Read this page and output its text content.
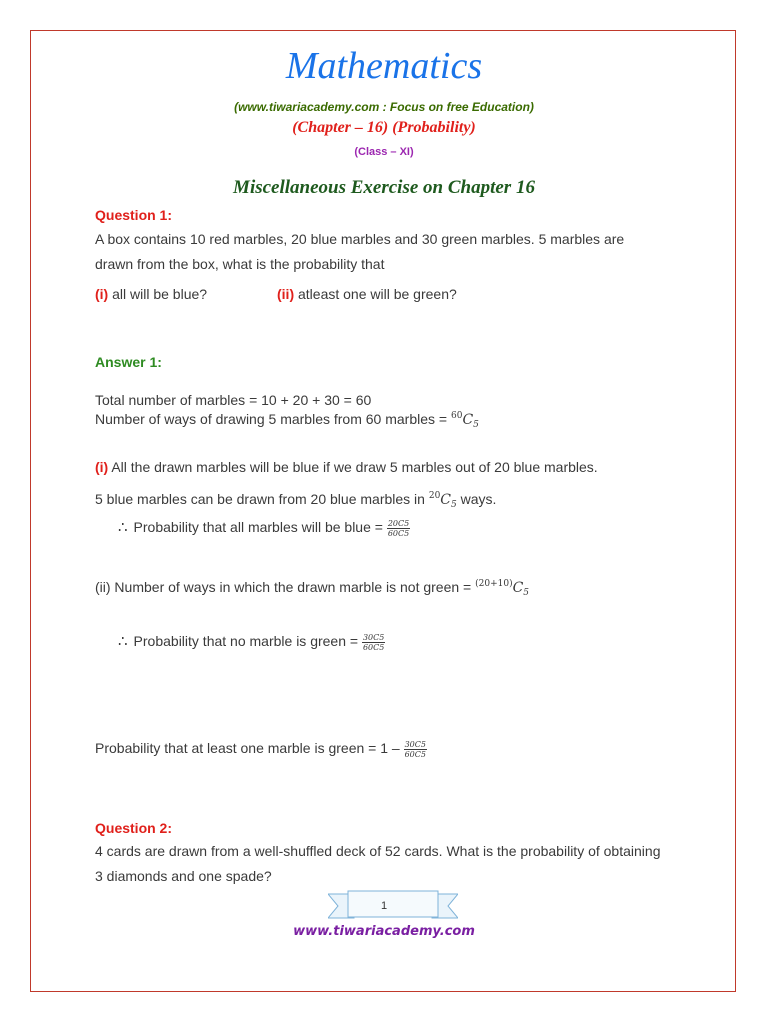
Mathematics
(www.tiwariacademy.com : Focus on free Education)
(Chapter – 16) (Probability)
(Class – XI)
Miscellaneous Exercise on Chapter 16
Question 1:
A box contains 10 red marbles, 20 blue marbles and 30 green marbles. 5 marbles are
drawn from the box, what is the probability that
(i) all will be blue?	(ii) atleast one will be green?
Answer 1:
Total number of marbles = 10 + 20 + 30 = 60
Number of ways of drawing 5 marbles from 60 marbles = $^{60}C_5$
(i) All the drawn marbles will be blue if we draw 5 marbles out of 20 blue marbles.
5 blue marbles can be drawn from 20 blue marbles in $^{20}C_5$ ways.
∴ Probability that all marbles will be blue = $\frac{20C5}{60C5}$
(ii) Number of ways in which the drawn marble is not green = $^{(20+10)}C_5$
∴ Probability that no marble is green = $\frac{30C5}{60C5}$
Probability that at least one marble is green = $1 - \frac{30C5}{60C5}$
Question 2:
4 cards are drawn from a well-shuffled deck of 52 cards. What is the probability of obtaining
3 diamonds and one spade?
1
www.tiwariacademy.com
